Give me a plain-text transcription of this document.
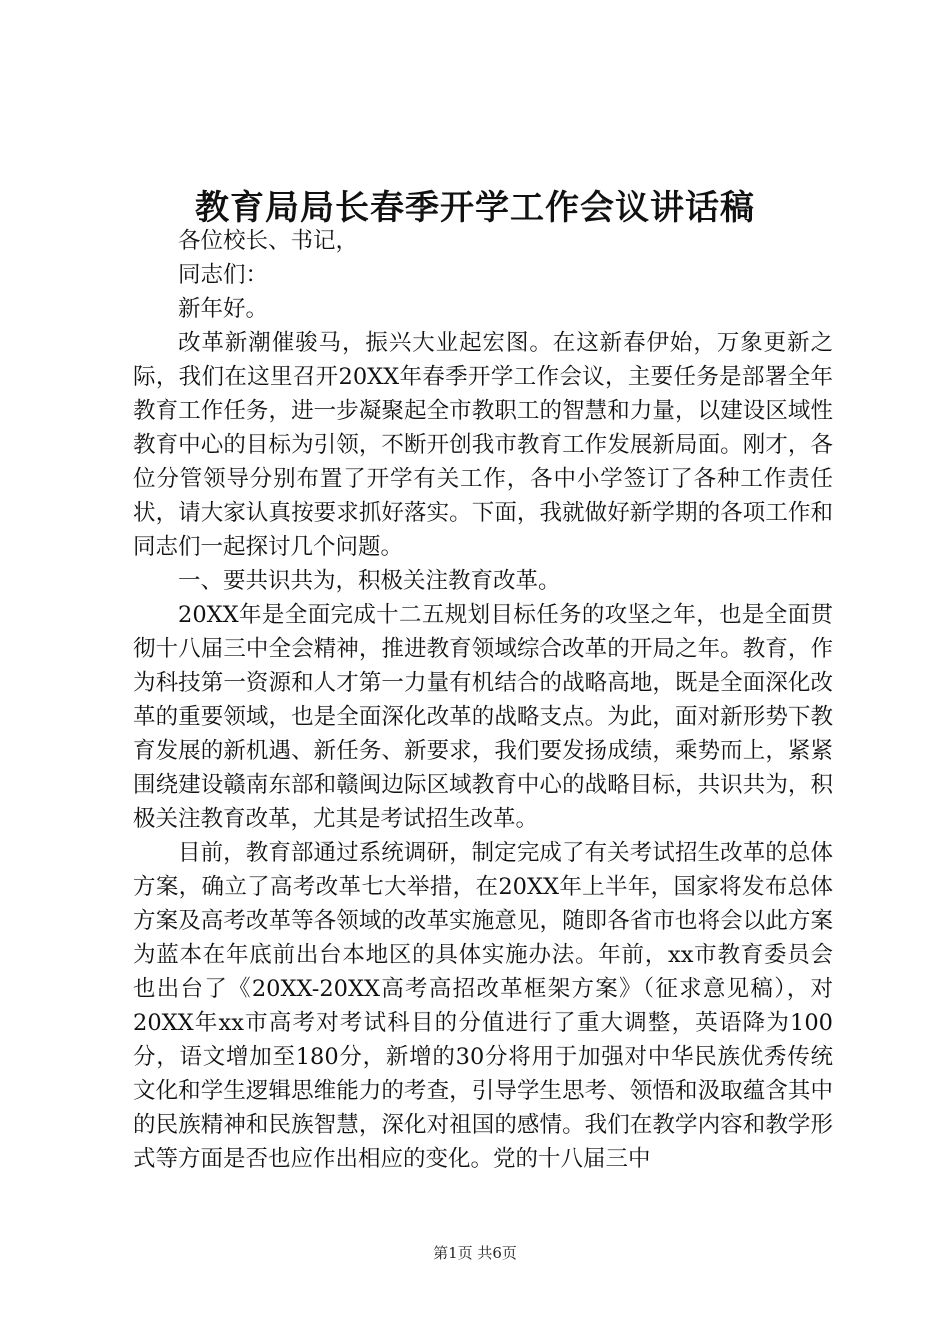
教育局局长春季开学工作会议讲话稿

各位校长、书记，

同志们：

新年好。

改革新潮催骏马，振兴大业起宏图。在这新春伊始，万象更新之际，我们在这里召开20XX年春季开学工作会议，主要任务是部署全年教育工作任务，进一步凝聚起全市教职工的智慧和力量，以建设区域性教育中心的目标为引领，不断开创我市教育工作发展新局面。刚才，各位分管领导分别布置了开学有关工作，各中小学签订了各种工作责任状，请大家认真按要求抓好落实。下面，我就做好新学期的各项工作和同志们一起探讨几个问题。

一、要共识共为，积极关注教育改革。

20XX年是全面完成十二五规划目标任务的攻坚之年，也是全面贯彻十八届三中全会精神，推进教育领域综合改革的开局之年。教育，作为科技第一资源和人才第一力量有机结合的战略高地，既是全面深化改革的重要领域，也是全面深化改革的战略支点。为此，面对新形势下教育发展的新机遇、新任务、新要求，我们要发扬成绩，乘势而上，紧紧围绕建设赣南东部和赣闽边际区域教育中心的战略目标，共识共为，积极关注教育改革，尤其是考试招生改革。

目前，教育部通过系统调研，制定完成了有关考试招生改革的总体方案，确立了高考改革七大举措，在20XX年上半年，国家将发布总体方案及高考改革等各领域的改革实施意见，随即各省市也将会以此方案为蓝本在年底前出台本地区的具体实施办法。年前，xx市教育委员会也出台了《20XX-20XX高考高招改革框架方案》（征求意见稿），对20XX年xx市高考对考试科目的分值进行了重大调整，英语降为100分，语文增加至180分，新增的30分将用于加强对中华民族优秀传统文化和学生逻辑思维能力的考查，引导学生思考、领悟和汲取蕴含其中的民族精神和民族智慧，深化对祖国的感情。我们在教学内容和教学形式等方面是否也应作出相应的变化。党的十八届三中

第1页 共6页
